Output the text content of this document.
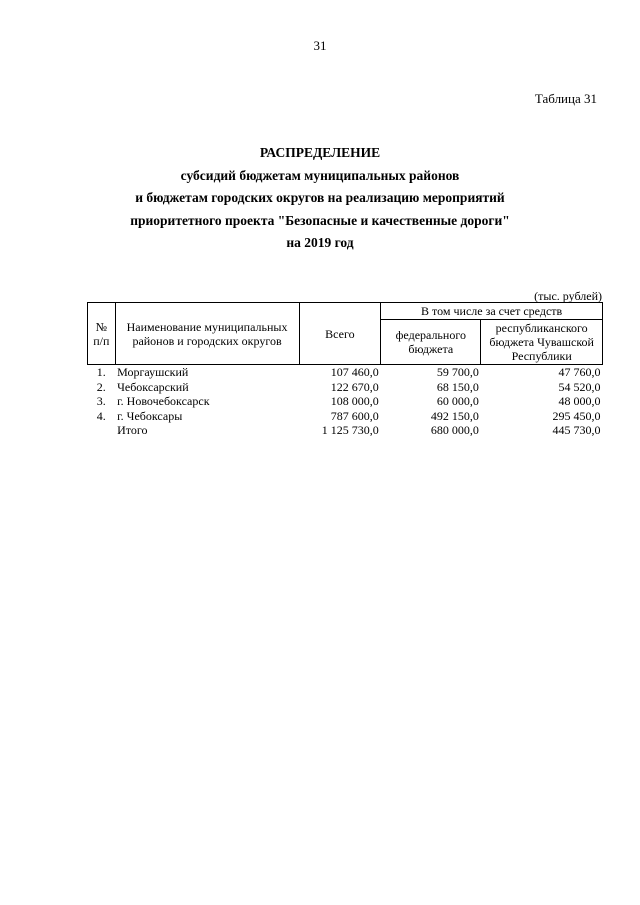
31
Таблица 31
РАСПРЕДЕЛЕНИЕ
субсидий бюджетам муниципальных районов
и бюджетам городских округов на реализацию мероприятий
приоритетного проекта "Безопасные и качественные дороги"
на 2019 год
(тыс. рублей)
№ п/п	Наименование муниципальных районов и городских округов	Всего	В том числе за счет средств	
			федерального бюджета	республиканского бюджета Чувашской Республики
1.	Моргаушский	107 460,0	59 700,0	47 760,0
2.	Чебоксарский	122 670,0	68 150,0	54 520,0
3.	г. Новочебоксарск	108 000,0	60 000,0	48 000,0
4.	г. Чебоксары	787 600,0	492 150,0	295 450,0
	Итого	1 125 730,0	680 000,0	445 730,0
